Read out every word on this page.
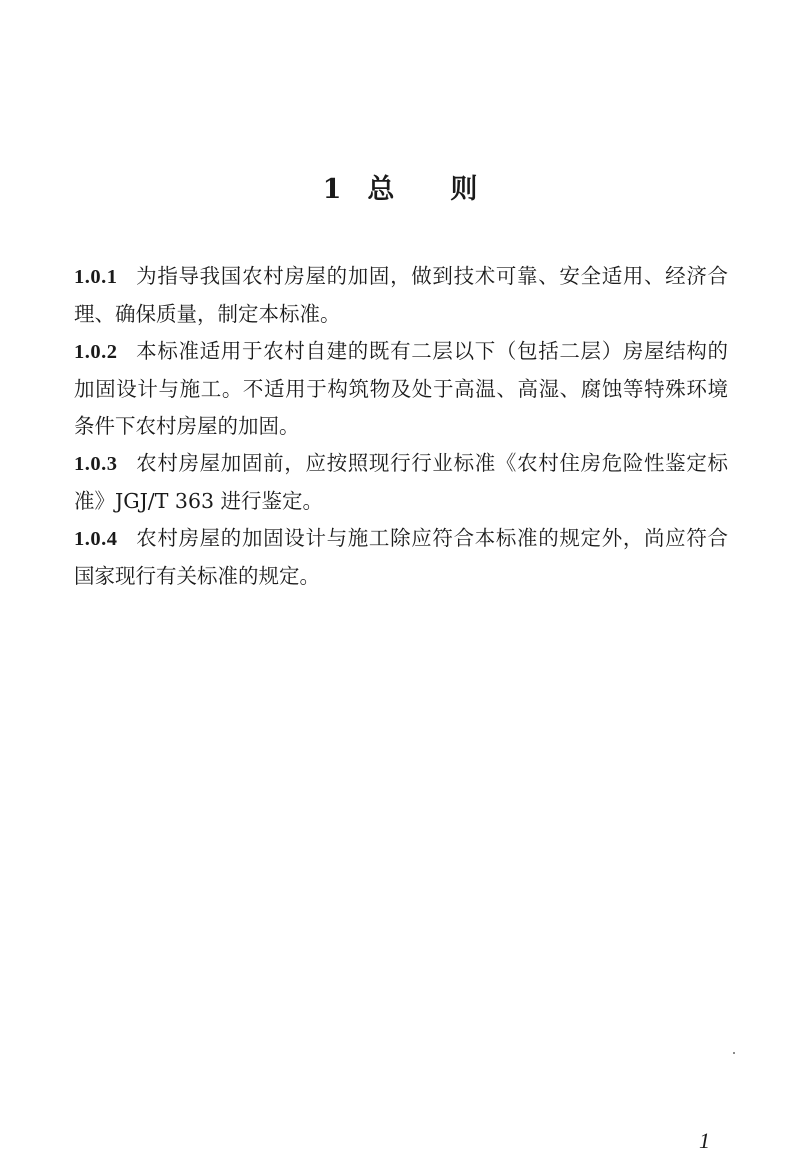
1 总 则

1.0.1 为指导我国农村房屋的加固，做到技术可靠、安全适用、经济合理、确保质量，制定本标准。

1.0.2 本标准适用于农村自建的既有二层以下（包括二层）房屋结构的加固设计与施工。不适用于构筑物及处于高温、高湿、腐蚀等特殊环境条件下农村房屋的加固。

1.0.3 农村房屋加固前，应按照现行行业标准《农村住房危险性鉴定标准》JGJ/T 363 进行鉴定。

1.0.4 农村房屋的加固设计与施工除应符合本标准的规定外，尚应符合国家现行有关标准的规定。

1
